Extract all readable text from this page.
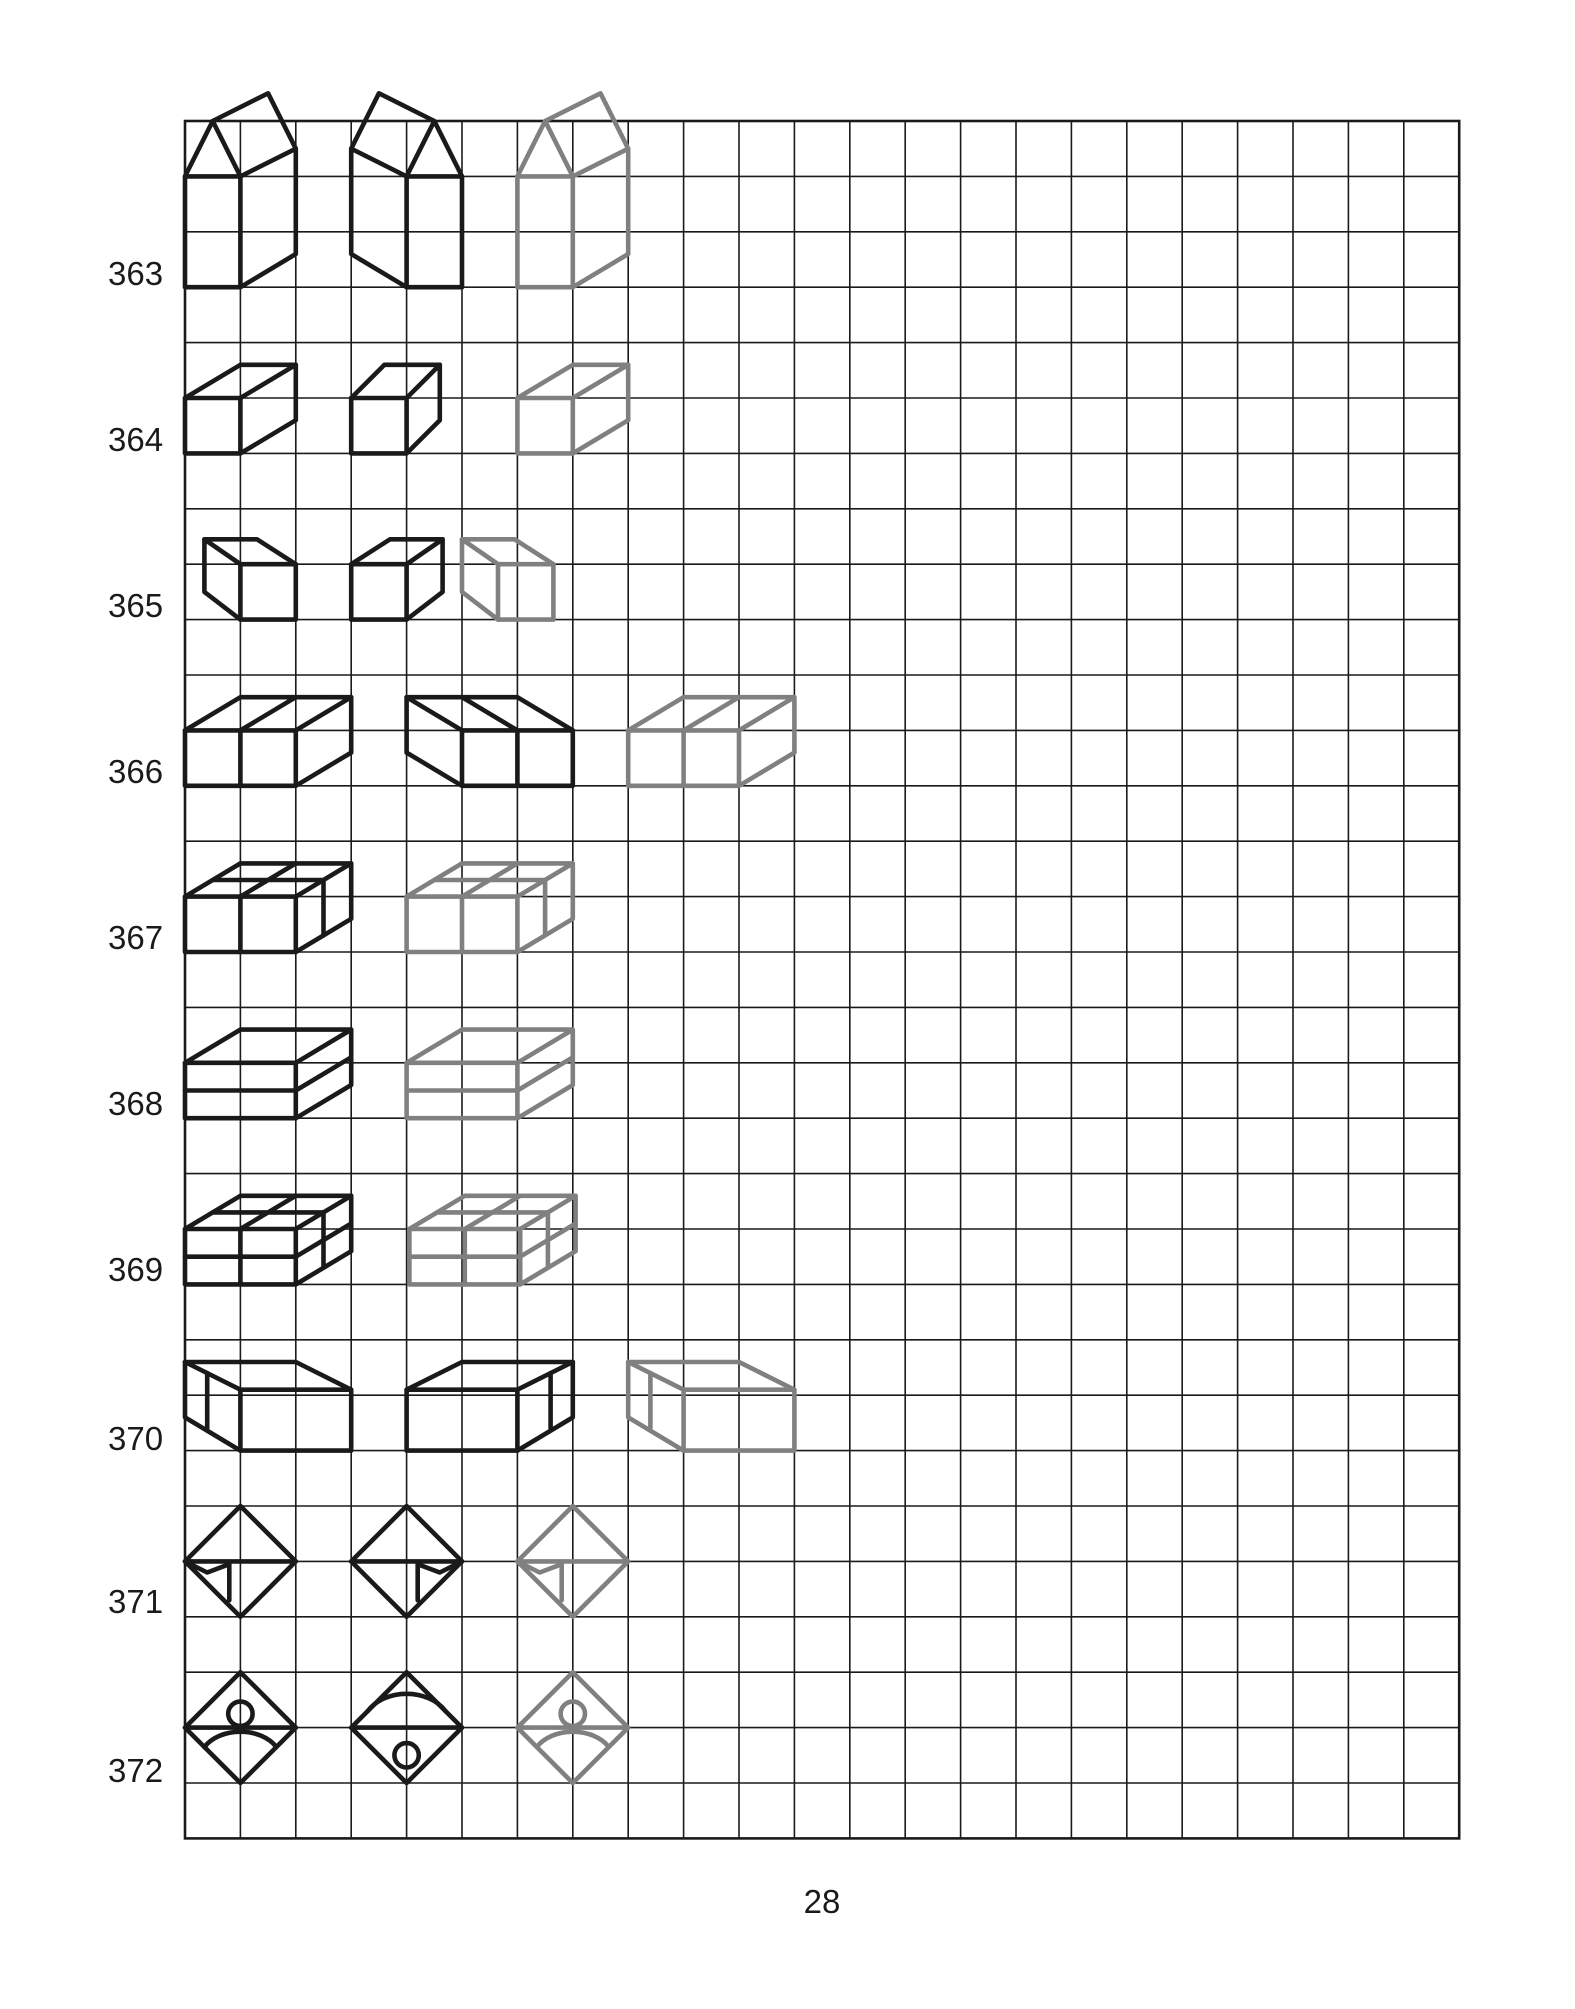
363
364
365
366
367
368
369
370
371
372
28
